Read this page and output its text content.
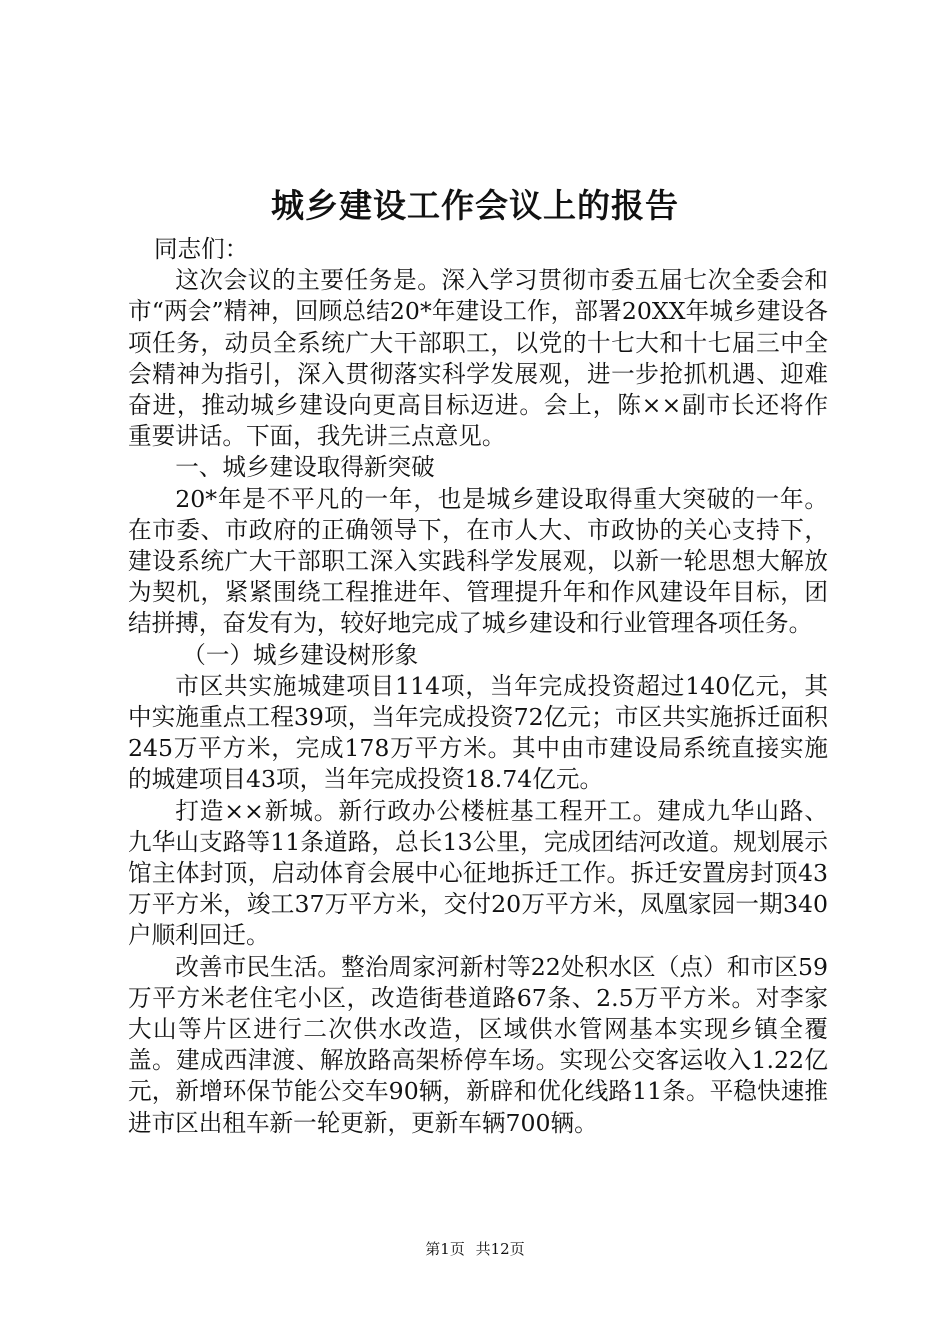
城乡建设工作会议上的报告

同志们：

这次会议的主要任务是。深入学习贯彻市委五届七次全委会和市“两会”精神，回顾总结20*年建设工作，部署20XX年城乡建设各项任务，动员全系统广大干部职工，以党的十七大和十七届三中全会精神为指引，深入贯彻落实科学发展观，进一步抢抓机遇、迎难奋进，推动城乡建设向更高目标迈进。会上，陈××副市长还将作重要讲话。下面，我先讲三点意见。

一、城乡建设取得新突破

20*年是不平凡的一年，也是城乡建设取得重大突破的一年。在市委、市政府的正确领导下，在市人大、市政协的关心支持下，建设系统广大干部职工深入实践科学发展观，以新一轮思想大解放为契机，紧紧围绕工程推进年、管理提升年和作风建设年目标，团结拼搏，奋发有为，较好地完成了城乡建设和行业管理各项任务。

（一）城乡建设树形象

市区共实施城建项目114项，当年完成投资超过140亿元，其中实施重点工程39项，当年完成投资72亿元；市区共实施拆迁面积245万平方米，完成178万平方米。其中由市建设局系统直接实施的城建项目43项，当年完成投资18.74亿元。

打造××新城。新行政办公楼桩基工程开工。建成九华山路、九华山支路等11条道路，总长13公里，完成团结河改道。规划展示馆主体封顶，启动体育会展中心征地拆迁工作。拆迁安置房封顶43万平方米，竣工37万平方米，交付20万平方米，凤凰家园一期340户顺利回迁。

改善市民生活。整治周家河新村等22处积水区（点）和市区59万平方米老住宅小区，改造街巷道路67条、2.5万平方米。对李家大山等片区进行二次供水改造，区域供水管网基本实现乡镇全覆盖。建成西津渡、解放路高架桥停车场。实现公交客运收入1.22亿元，新增环保节能公交车90辆，新辟和优化线路11条。平稳快速推进市区出租车新一轮更新，更新车辆700辆。

第1页 共12页
